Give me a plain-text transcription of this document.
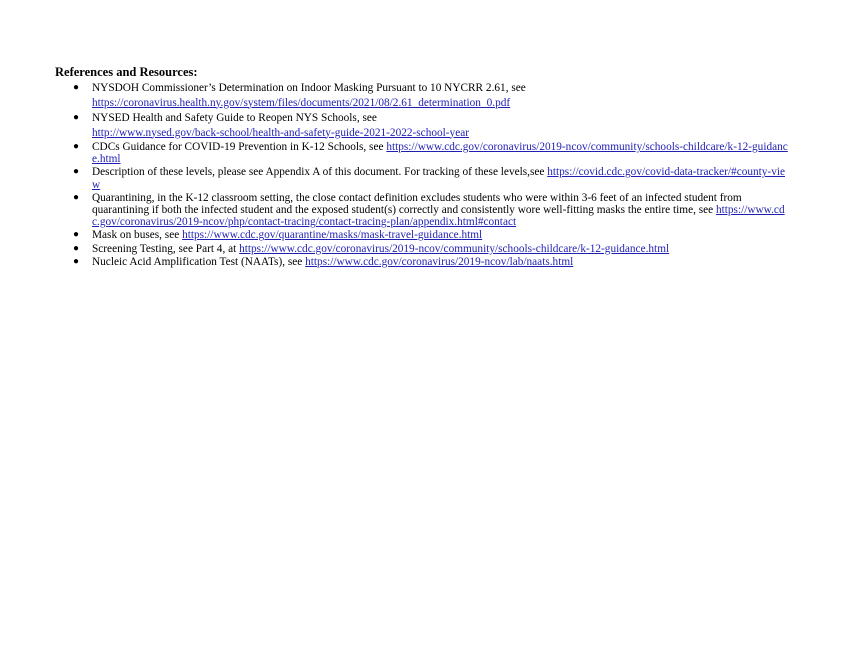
References and Resources:
● NYSDOH Commissioner’s Determination on Indoor Masking Pursuant to 10 NYCRR 2.61, see
https://coronavirus.health.ny.gov/system/files/documents/2021/08/2.61_determination_0.pdf
● NYSED Health and Safety Guide to Reopen NYS Schools, see
http://www.nysed.gov/back-school/health-and-safety-guide-2021-2022-school-year
● CDCs Guidance for COVID-19 Prevention in K-12 Schools, see https://www.cdc.gov/coronavirus/2019-ncov/community/schools-childcare/k-12-guidance.html
● Description of these levels, please see Appendix A of this document. For tracking of these levels,see https://covid.cdc.gov/covid-data-tracker/#county-view
● Quarantining, in the K-12 classroom setting, the close contact definition excludes students who were within 3-6 feet of an infected student from quarantining if both the infected student and the exposed student(s) correctly and consistently wore well-fitting masks the entire time, see https://www.cdc.gov/coronavirus/2019-ncov/php/contact-tracing/contact-tracing-plan/appendix.html#contact
● Mask on buses, see https://www.cdc.gov/quarantine/masks/mask-travel-guidance.html
● Screening Testing, see Part 4, at https://www.cdc.gov/coronavirus/2019-ncov/community/schools-childcare/k-12-guidance.html
● Nucleic Acid Amplification Test (NAATs), see https://www.cdc.gov/coronavirus/2019-ncov/lab/naats.html
